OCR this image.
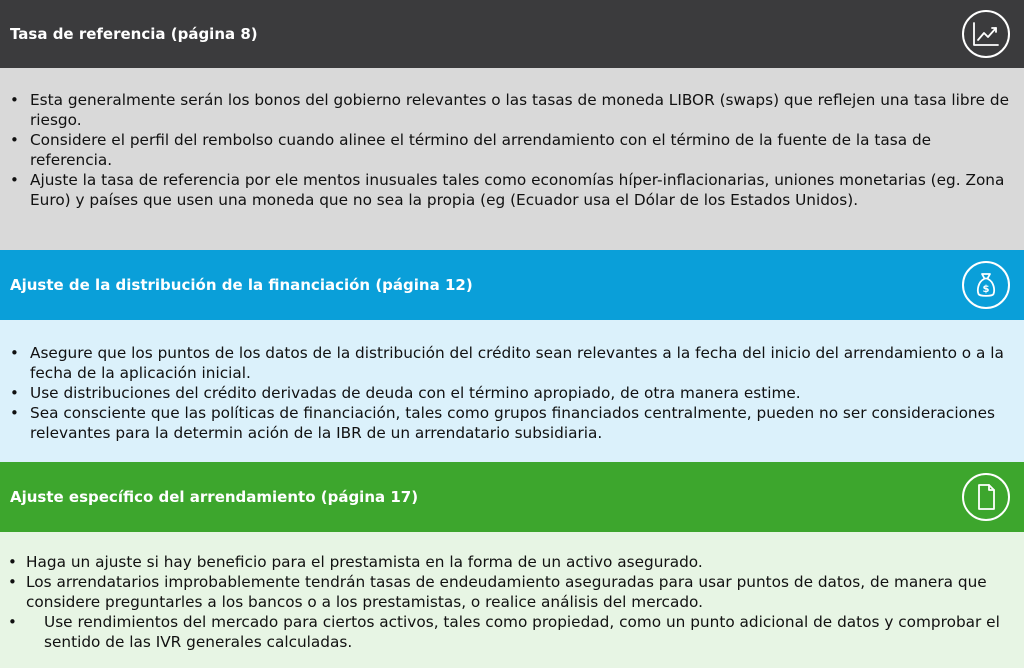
Tasa de referencia (página 8)
• Esta generalmente serán los bonos del gobierno relevantes o las tasas de moneda LIBOR (swaps) que reflejen una tasa libre de riesgo.
• Considere el perfil del rembolso cuando alinee el término del arrendamiento con el término de la fuente de la tasa de referencia.
• Ajuste la tasa de referencia por ele mentos inusuales tales como economías híper-inflacionarias, uniones monetarias (eg. Zona Euro) y países que usen una moneda que no sea la propia (eg (Ecuador usa el Dólar de los Estados Unidos).
Ajuste de la distribución de la financiación (página 12)	$
• Asegure que los puntos de los datos de la distribución del crédito sean relevantes a la fecha del inicio del arrendamiento o a la fecha de la aplicación inicial.
• Use distribuciones del crédito derivadas de deuda con el término apropiado, de otra manera estime.
• Sea consciente que las políticas de financiación, tales como grupos financiados centralmente, pueden no ser consideraciones relevantes para la determin ación de la IBR de un arrendatario subsidiaria.
Ajuste específico del arrendamiento (página 17)
• Haga un ajuste si hay beneficio para el prestamista en la forma de un activo asegurado.
• Los arrendatarios improbablemente tendrán tasas de endeudamiento aseguradas para usar puntos de datos, de manera que considere preguntarles a los bancos o a los prestamistas, o realice análisis del mercado.
• Use rendimientos del mercado para ciertos activos, tales como propiedad, como un punto adicional de datos y comprobar el sentido de las IVR generales calculadas.
